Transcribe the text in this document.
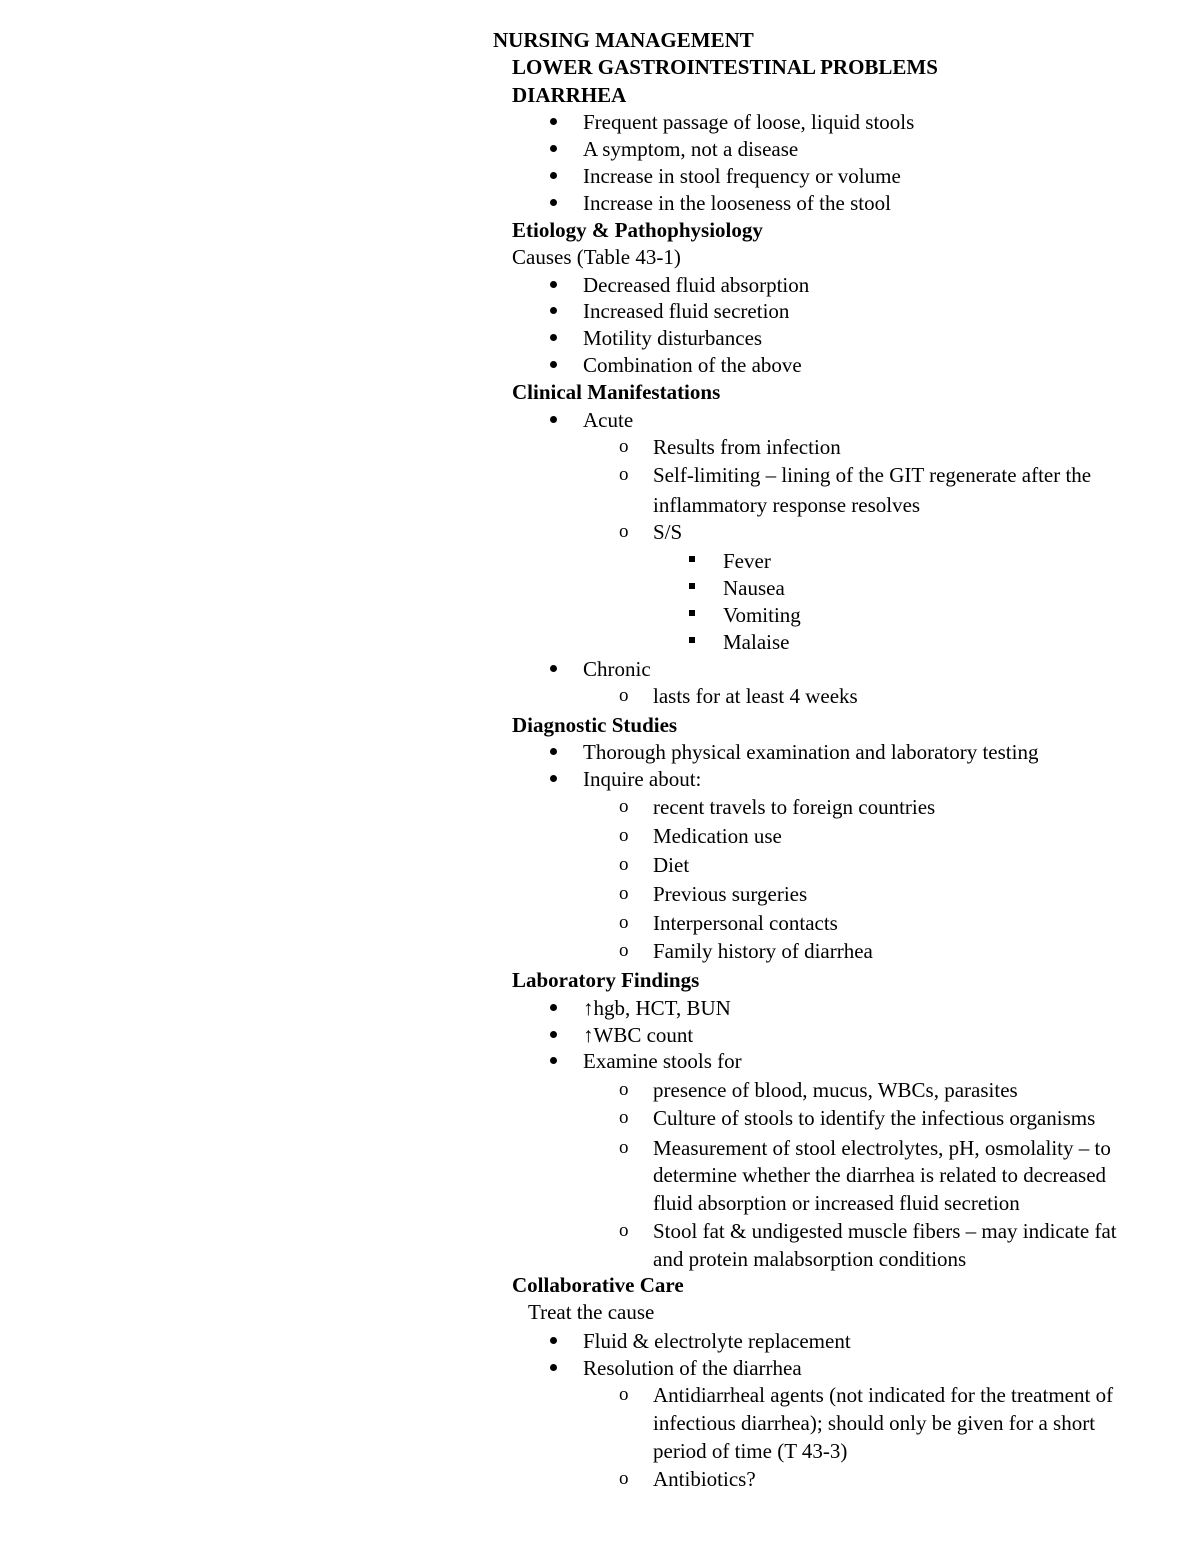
NURSING MANAGEMENT
LOWER GASTROINTESTINAL PROBLEMS
DIARRHEA
Frequent passage of loose, liquid stools
A symptom, not a disease
Increase in stool frequency or volume
Increase in the looseness of the stool
Etiology & Pathophysiology
Causes (Table 43-1)
Decreased fluid absorption
Increased fluid secretion
Motility disturbances
Combination of the above
Clinical Manifestations
Acute
o Results from infection
o Self-limiting – lining of the GIT regenerate after the
inflammatory response resolves
o S/S
Fever
Nausea
Vomiting
Malaise
Chronic
o lasts for at least 4 weeks
Diagnostic Studies
Thorough physical examination and laboratory testing
Inquire about:
o recent travels to foreign countries
o Medication use
o Diet
o Previous surgeries
o Interpersonal contacts
o Family history of diarrhea
Laboratory Findings
↑hgb, HCT, BUN
↑WBC count
Examine stools for
o presence of blood, mucus, WBCs, parasites
o Culture of stools to identify the infectious organisms
o Measurement of stool electrolytes, pH, osmolality – to
determine whether the diarrhea is related to decreased
fluid absorption or increased fluid secretion
o Stool fat & undigested muscle fibers – may indicate fat
and protein malabsorption conditions
Collaborative Care
Treat the cause
Fluid & electrolyte replacement
Resolution of the diarrhea
o Antidiarrheal agents (not indicated for the treatment of
infectious diarrhea); should only be given for a short
period of time (T 43-3)
o Antibiotics?
